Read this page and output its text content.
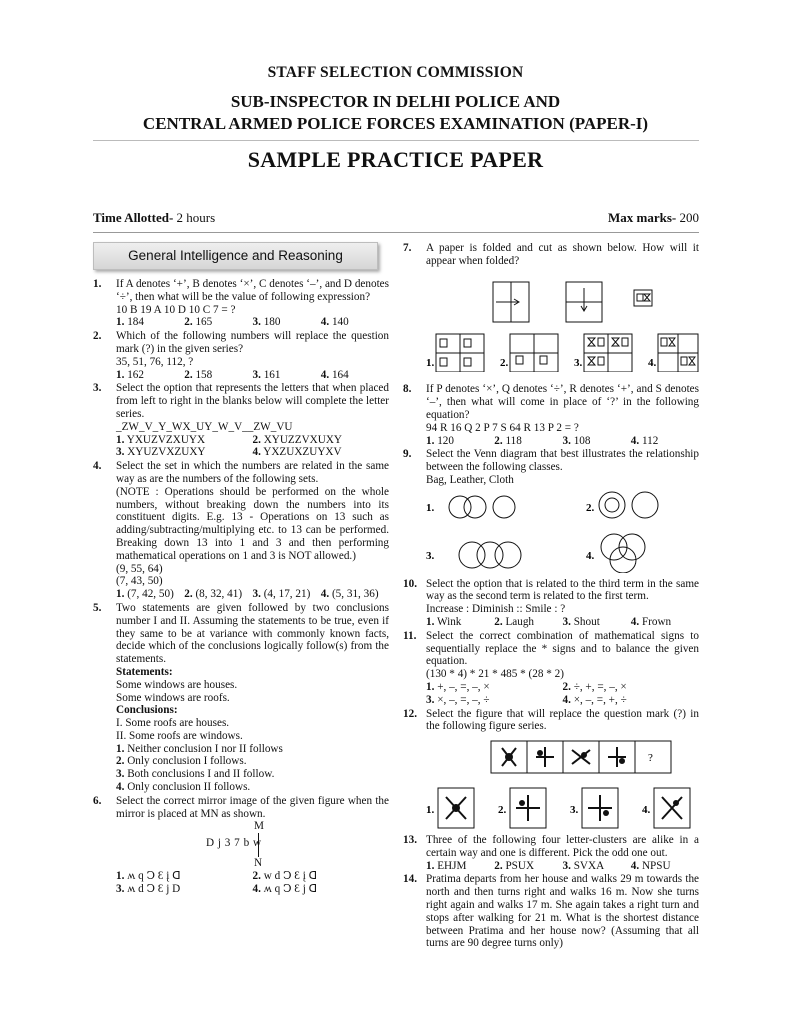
STAFF SELECTION COMMISSION
SUB-INSPECTOR IN DELHI POLICE AND
CENTRAL ARMED POLICE FORCES EXAMINATION (PAPER-I)
SAMPLE PRACTICE PAPER
Time Allotted- 2 hours	Max marks- 200
General Intelligence and Reasoning
1.	If A denotes ‘+’, B denotes ‘×’, C denotes ‘–’, and D denotes ‘÷’, then what will be the value of following expression?

10 B 19 A 10 D 10 C 7 = ?

1. 184	2. 165	3. 180	4. 140
2.	Which of the following numbers will replace the question mark (?) in the given series?

35, 51, 76, 112, ?

1. 162	2. 158	3. 161	4. 164
3.	Select the option that represents the letters that when placed from left to right in the blanks below will complete the letter series.

_ZW_V_Y_WX_UY_W_V__ZW_VU

1. YXUZVZXUYX	2. XYUZZVXUXY
3. XYUZVXZUXY	4. YXZUXZUYXV
4.	Select the set in which the numbers are related in the same way as are the numbers of the following sets.

(NOTE : Operations should be performed on the whole numbers, without breaking down the numbers into its constituent digits. E.g. 13 - Operations on 13 such as adding/subtracting/multiplying etc. to 13 can be performed. Breaking down 13 into 1 and 3 and then performing mathematical operations on 1 and 3 is NOT allowed.)

(9, 55, 64)

(7, 43, 50)

1. (7, 42, 50) 2. (8, 32, 41) 3. (4, 17, 21) 4. (5, 31, 36)
5.	Two statements are given followed by two conclusions number I and II. Assuming the statements to be true, even if they same to be at variance with commonly known facts, decide which of the conclusions logically follow(s) from the statements.

Statements:

Some windows are houses.

Some windows are roofs.

Conclusions:

I. Some roofs are houses.

II. Some roofs are windows.

1. Neither conclusion I nor II follows

2. Only conclusion I follows.

3. Both conclusions I and II follow.

4. Only conclusion II follows.

6.	Select the correct mirror image of the given figure when the mirror is placed at MN as shown.

M
D j 3 7 b w
N
1. ʍ q Ↄ Ɛ į ᗡ	2. w d Ↄ Ɛ į ᗡ
3. ʍ d Ↄ Ɛ j D	4. ʍ q Ↄ Ɛ j ᗡ
7.	A paper is folded and cut as shown below. How will it appear when folded?

1.	2.	3.	4.
8.	If P denotes ‘×’, Q denotes ‘÷’, R denotes ‘+’, and S denotes ‘–’, then what will come in place of ‘?’ in the following equation?

94 R 16 Q 2 P 7 S 64 R 13 P 2 = ?

1. 120	2. 118	3. 108	4. 112
9.	Select the Venn diagram that best illustrates the relationship between the following classes.

Bag, Leather, Cloth

1.	2.
3.	4.
10. Select the option that is related to the third term in the same way as the second term is related to the first term.

Increase : Diminish :: Smile : ?

1. Wink	2. Laugh	3. Shout	4. Frown
11. Select the correct combination of mathematical signs to sequentially replace the * signs and to balance the given equation.

(130 * 4) * 21 * 485 * (28 * 2)

1. +, –, =, –, ×	2. ÷, +, =, –, ×
3. ×, –, =, –, ÷	4. ×, –, =, +, ÷
12. Select the figure that will replace the question mark (?) in the following figure series.

?
1.	2.	3.	4.
13. Three of the following four letter-clusters are alike in a certain way and one is different. Pick the odd one out.

1. EHJM	2. PSUX	3. SVXA	4. NPSU
14. Pratima departs from her house and walks 29 m towards the north and then turns right and walks 16 m. Now she turns right again and walks 17 m. She again takes a right turn and stops after walking for 21 m. What is the shortest distance between Pratima and her house now? (Assuming that all turns are 90 degree turns only)
